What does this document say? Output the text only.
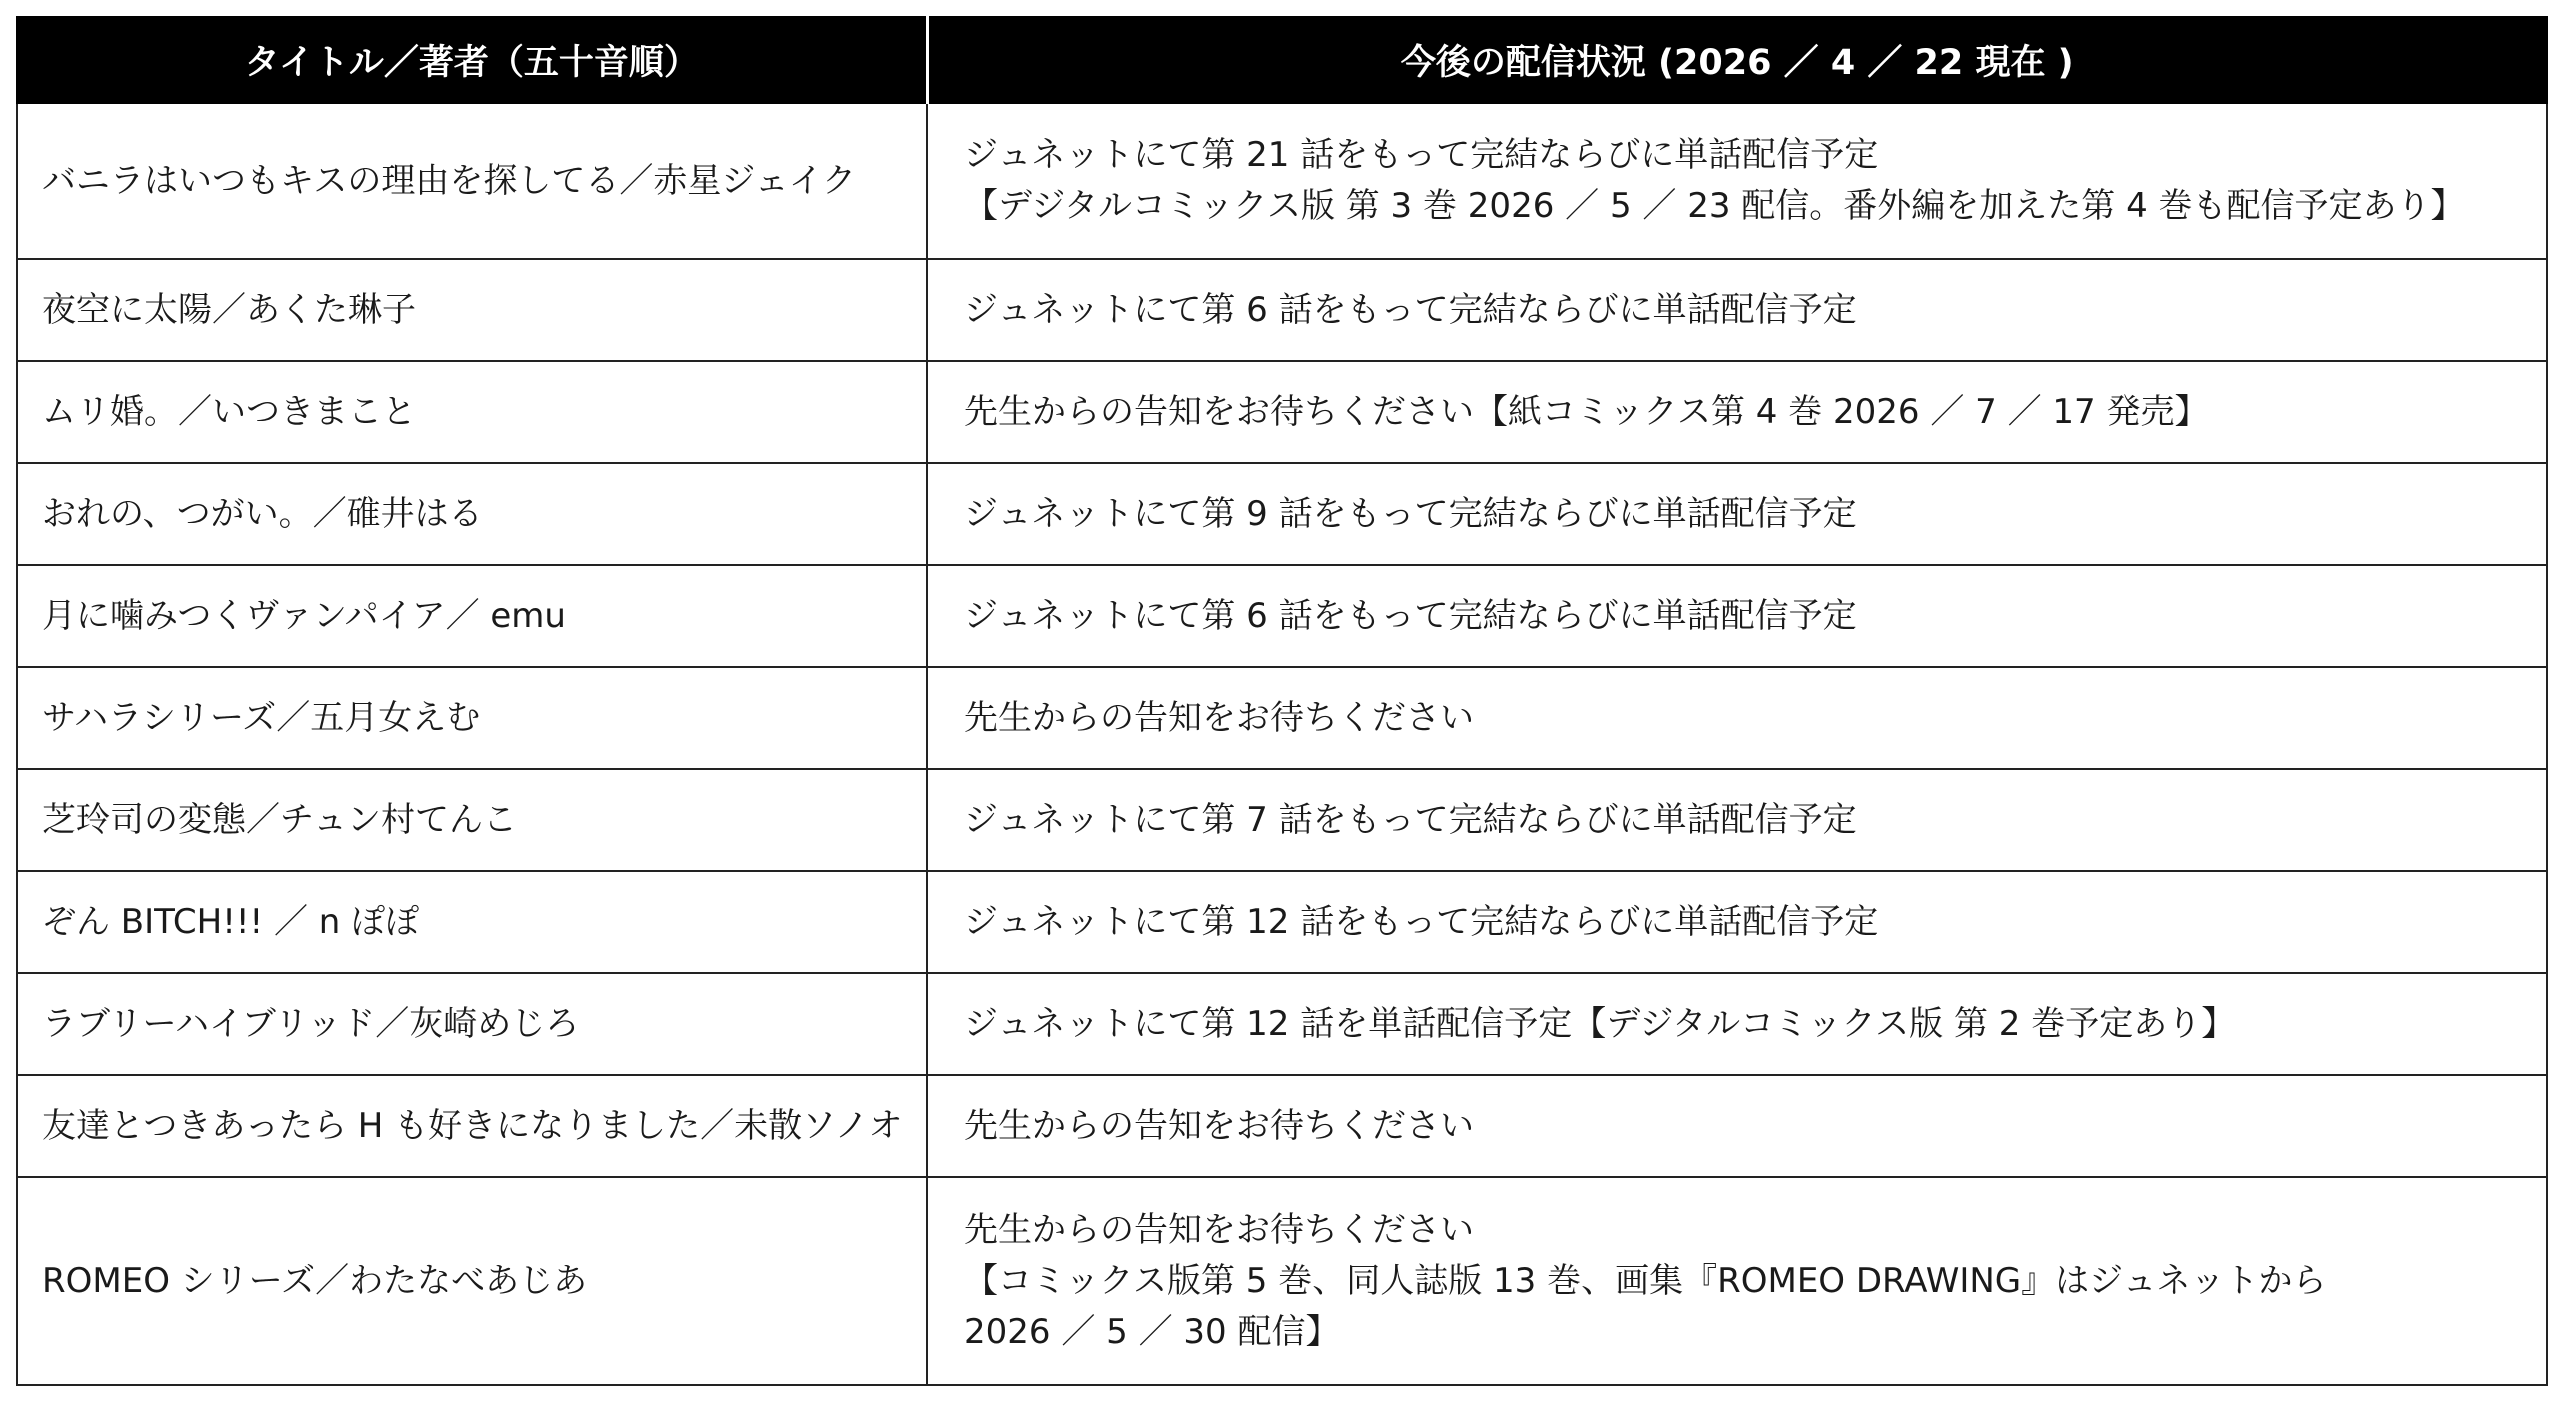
タイトル／著者（五十音順）	今後の配信状況 (2026 ／ 4 ／ 22 現在 )
バニラはいつもキスの理由を探してる／赤星ジェイク	ジュネットにて第 21 話をもって完結ならびに単話配信予定
【デジタルコミックス版 第 3 巻 2026 ／ 5 ／ 23 配信。番外編を加えた第 4 巻も配信予定あり】

夜空に太陽／あくた琳子	ジュネットにて第 6 話をもって完結ならびに単話配信予定

ムリ婚。／いつきまこと	先生からの告知をお待ちください【紙コミックス第 4 巻 2026 ／ 7 ／ 17 発売】

おれの、つがい。／碓井はる	ジュネットにて第 9 話をもって完結ならびに単話配信予定

月に噛みつくヴァンパイア／ emu	ジュネットにて第 6 話をもって完結ならびに単話配信予定

サハラシリーズ／五月女えむ	先生からの告知をお待ちください

芝玲司の変態／チュン村てんこ	ジュネットにて第 7 話をもって完結ならびに単話配信予定

ぞん BITCH!!! ／ n ぽぽ	ジュネットにて第 12 話をもって完結ならびに単話配信予定

ラブリーハイブリッド／灰崎めじろ	ジュネットにて第 12 話を単話配信予定【デジタルコミックス版 第 2 巻予定あり】

友達とつきあったら H も好きになりました／未散ソノオ	先生からの告知をお待ちください

ROMEO シリーズ／わたなべあじあ	先生からの告知をお待ちください
【コミックス版第 5 巻、同人誌版 13 巻、画集『ROMEO DRAWING』はジュネットから
2026 ／ 5 ／ 30 配信】
